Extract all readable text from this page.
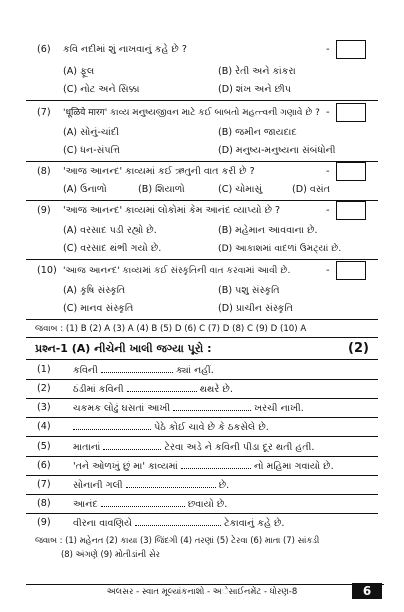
(6) કવિ નદીમાં શું નાખવાનું કહે છે ?	-
(A) ફૂલ	(B) રેતી અને કાંકરા
(C) નોટ અને સિક્કા	(D) શંખ અને છીપ
(7) 'धूळिये मारग' કાવ્ય મનુષ્યજીવન માટે કઈ બાબતો મહત્ત્વની ગણાવે છે ? -
(A) સોનું-ચાંદી	(B) જમીન જાયદાદ
(C) ધન-સંપત્તિ	(D) મનુષ્ય-મનુષ્યના સંબંધોની
(8) 'આજ આનન્દ' કાવ્યમાં કઈ ઋતુની વાત કરી છે ?	-
(A) ઉનાળો	(B) શિયાળો	(C) ચોમાસું	(D) વસંત
(9) 'આજ આનન્દ' કાવ્યમાં લોકોમાં કેમ આનંદ વ્યાપ્યો છે ?	-
(A) વરસાદ પડી રહ્યો છે.	(B) મહેમાન આવવાના છે.
(C) વરસાદ થંભી ગયો છે.	(D) આકાશમાં વાદળાં ઉમટ્યાં છે.
(10) 'આજ આનન્દ' કાવ્યમાં કઈ સંસ્કૃતિની વાત કરવામાં આવી છે.	-
(A) કૃષિ સંસ્કૃતિ	(B) પશુ સંસ્કૃતિ
(C) માનવ સંસ્કૃતિ	(D) પ્રાચીન સંસ્કૃતિ
જવાબ : (1) B (2) A (3) A (4) B (5) D (6) C (7) D (8) C (9) D (10) A
પ્રશ્ન-1 (A) નીચેની ખાલી જગ્યા પૂરો :	(2)
(1) કવિની	ક્યાં નહીં.
(2) ઠંડીમાં કવિની	થથરે છે.
(3) ચકમક લોઢું ઘસતાં આખી	ખરચી નાખી.
(4)	પેઠે કોઈ ચાવે છે કે ઠકસેલે છે.
(5) માતાનાં	ટેરવા અડે ને કવિની પીડા દૂર થતી હતી.
(6) 'તને ઓળખું છું મા' કાવ્યમાં	નો મહિમા ગવાયો છે.
(7) સોનાની ગલી	છે.
(8) આનંદ	છવાયો છે.
(9) વીરના વાવણિયે	ટેકાવાનું કહે છે.
જવાબ : (1) મહેનત (2) કાયા (3) જિંદગી (4) તરણાં (5) ટેરવા (6) માતા (7) સાંકડી
(8) અંગણે (9) મોતીડાંની સેર
અલસર - સ્વાત મૂલ્યાંકનાશો - અેસાઈનમેંટ - ધોરણ-8	6
